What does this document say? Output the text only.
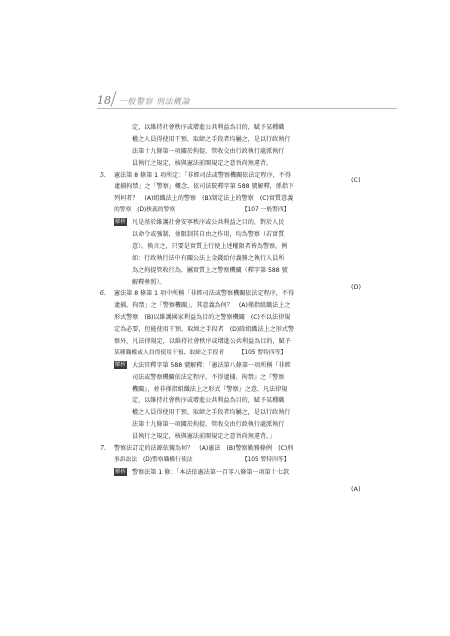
18 一般警察 刑法概論
定，以維持社會秩序或增進公共利益為目的，賦予某種職
權之人員得使用干預、取締之手段者均屬之，是以行政執行
法第十九條第一項關於拘提、管收交由行政執行處派執行
員執行之規定，核與憲法前開規定之意旨尚無違背。
5.	憲法第 8 條第 1 項所定：「非經司法或警察機關依法定程序，不得
逮捕拘禁」之「警察」概念，依司法院釋字第 588 號解釋，係指下
列何者？　(A)組織法上的警察　(B)制定法上的警察　(C)實質意義
的警察　(D)狹義的警察　　　　　　　　　　　　【107 一般警四】
解析 凡是基於維護社會安寧秩序或公共利益之目的，對於人民
以命令或強制，並限制其自由之作用，均為警察（若實質
意）。換言之，只要是實質上行使上述權限者皆為警察。例
如：行政執行法中有關公法上金錢給付義務之執行人員所
為之拘提管收行為，屬實質上之警察機關（釋字第 588 號
解釋參照）。
6.	憲法第 8 條第 1 項中所稱「非經司法或警察機關依法定程序，不得
逮捕、拘禁」之「警察機關」，其意義為何？　(A)僅指組織法上之
形式警察　(B)以維護國家利益為目的之警察機關　(C)不以法律規
定為必要，但能使用干預、取締之手段者　(D)除組織法上之形式警
察外，凡法律規定，以維持社會秩序或增進公共利益為目的，賦予
某種職權或人員得使用干預、取締之手段者　　　【105 警特四等】
解析 大法官釋字第 588 號解釋：「憲法第八條第一項所稱『非經
司法或警察機關依法定程序，不得逮捕、拘禁』之『警察
機關』，並非僅指組織法上之形式『警察』之意，凡法律規
定，以維持社會秩序或增進公共利益為目的，賦予某種職
權之人員得使用干預、取締之手段者均屬之，是以行政執行
法第十九條第一項關於拘提、管收交由行政執行處派執行
員執行之規定，核與憲法前開規定之意旨尚無違背。」
7.	警察法訂定的法源依據為何？　(A)憲法　(B)警察勤務條例　(C)刑
事訴訟法　(D)警察職權行使法　　　　　　　　　【105 警特四等】
解析 警察法第 1 條：「本法依憲法第一百零八條第一項第十七款
(C)
(D)
(A)
